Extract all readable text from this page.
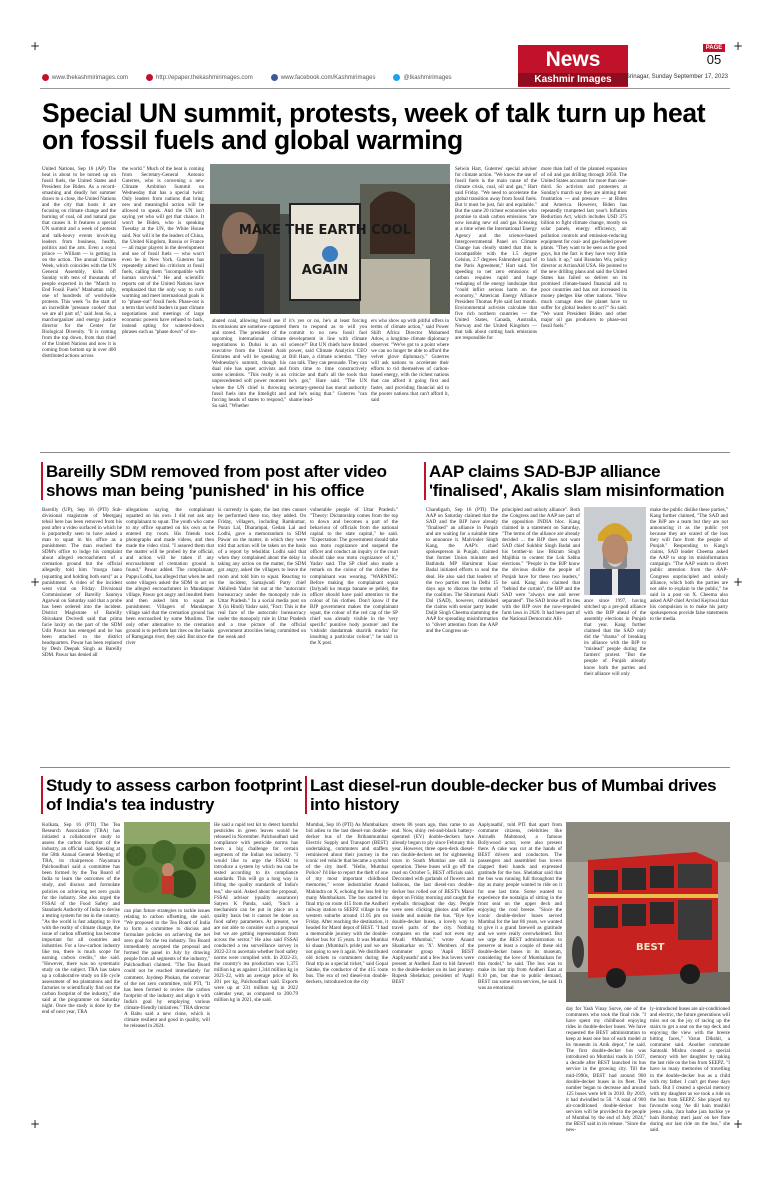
+	+
+	+
+	+
News
Kashmir Images
PAGE
05
www.thekashmirimages.com	http://epaper.thekashmirimages.com	www.facebook.com/Kashmirimages	@Ikashmirimages	Srinagar, Sunday September 17, 2023
Special UN summit, protests, week of talk turn up heat on fossil fuels and global warming
United Nations, Sep 16 (AP) The heat is about to be turned up on fossil fuels, the United States and President Joe Biden. As a record-smashing and deadly hot summer draws to a close, the United Nations and the city that hosts it are focusing on climate change and the burning of coal, oil and natural gas that causes it. It features a special UN summit and a week of protests and talk-heavy events involving leaders from business, health, politics and the arts. Even a royal prince — William — is getting in on the action. The annual Climate Week, which coincides with the UN General Assembly, kicks off Sunday with tens of thousands of people expected in the "March to End Fossil Fuels" Manhattan rally, one of hundreds of worldwide protests. This week "is the start of an incredible 'pressure cooker' that we are all part of," said Jean Su, a marchorganizer and energy justice director for the Center for Biological Diversity. "It is coming from the top down, from that chief of the United Nations and now it is coming from bottom up in over 400 distributed actions across
the world." Much of the heat is coming from Secretary-General Antonio Guterres, who is convening a new Climate Ambition Summit on Wednesday that has a special twist: Only leaders from nations that bring new and meaningful action will be allowed to speak. And the UN isn't saying yet who will get that chance. It won't be Biden, who is speaking Tuesday at the UN, the White House said. Nor will it be the leaders of China, the United Kingdom, Russia or France — all major players in the development and use of fossil fuels — who won't even be in New York. Guterres has repeatedly aimed his criticism at fossil fuels, calling them "incompatible with human survival." He and scientific reports out of the United Nations have emphasized that the only way to curb warming and meet international goals is to "phase-out" fossil fuels. Phase-out is a term that world leaders in past climate negotiations and meetings of large economic powers have refused to back, instead opting for watered-down phrases such as "phase down" of un-
abated coal, allowing fossil use if its emissions are somehow captured and stored. The president of the upcoming international climate negotiations in Dubai is an oil executive from the United Arab Emirates and will be speaking at Wednesday's summit, though his dual role has upset activists and some scientists. "This really is an unprecedented soft power moment where the UN chief is throwing fossil fuels into the limelight and forcing heads of states to respond," Su said. "Whether
it's yes or no, he's at least forcing them to respond as to will you commit to no new fossil fuel development in line with climate science?" But UN chiefs have limited power, said Climate Analytics CEO Bill Hare, a climate scientist. "They can talk. They can persuade. They can from time to time constructively criticize and that's all the tools that he's got," Hare said. "The UN secretary-general has moral authority and he's using that." Guterres "can shame lead-
ers who show up with pitiful offers in terms of climate action," said Power Shift Africa Director Mohamed Adow, a longtime climate diplomacy observer. "We've got to a point where we can no longer be able to afford the velvet glove diplomacy." Guterres will ask nations to accelerate their efforts to rid themselves of carbon-based energy, with the richest nations that can afford it going first and faster, and providing financial aid to the poorer nations that can't afford it, said
Selwin Hart, Guterres' special adviser for climate action. "We know the use of fossil fuels is the main cause of the climate crisis, coal, oil and gas," Hart said Friday. "We need to accelerate the global transition away from fossil fuels. But it must be just, fair and equitable." But the same 20 richest economies who promise to slash carbon emissions "are now issuing new oil and gas licensing at a time when the International Energy Agency and the science-based Intergovernmental Panel on Climate Change has clearly stated that this is incompatible with the 1.5 degree Celsius, 2.7 degrees Fahrenheit goal of the Paris Agreement," Hart said. Yet speeding to net zero emissions of carbon requires rapid and huge reshaping of the energy landscape that "could inflict serious harm on the economy," American Energy Alliance President Thomas Pyle said last month. Environmental activists calculate that five rich northern countries — the United States, Canada, Australia, Norway and the United Kingdom — that talk about cutting back emissions are responsible for
more than half of the planned expansion of oil and gas drilling through 2050. The United States accounts for more than one-third. So activists and protesters at Sunday's march say they are aiming their frustration — and pressure — at Biden and America. However, Biden has repeatedly trumpeted last year's Inflation Reduction Act, which includes USD 375 billion to fight climate change, mostly on solar panels, energy efficiency, air pollution controls and emission-reducing equipment for coal- and gas-fueled power plants. "They want to be seen as the good guys, but the fact is they have very little to back it up," said Brandon Wu, policy director at ActionAid USA. He pointed to the new drilling plans and said the United States has failed so deliver on its promised climate-based financial aid to poor countries and has not increased its money pledges like other nations. "How much carnage does the planet have to suffer for global leaders to act?" Su said. "We want President Biden and other major oil gas producers to phase-out fossil fuels."
MAKE THE EARTH COOL
AGAIN
Bareilly SDM removed from post after video shows man being 'punished' in his office
Bareilly (UP), Sep 16 (PTI) Sub-divisional magistrate of Meerganj tehsil here has been removed from his post after a video surfaced in which he is purportedly seen to have asked a man to squat in his office as a punishment. The man reached the SDM's office to lodge his complaint about alleged encroachment of a cremation ground but the official allegedly told him "murga bano (squatting and holding both ears)" as a punishment. A video of the incident went viral on Friday. Divisional Commissioner of Bareilly Saumya Agarwal on Saturday said that a probe has been ordered into the incident. District Magistrate of Bareilly Shivakant Dwivedi said that prima facie laxity on the part of the SDM Udit Pawar has emerged and he has been attached to the district headquarters. Pawar has been replaced by Desh Deepak Singh as Bareilly SDM. Pawar has denied all
allegations saying the complainant squatted on his own. I did not ask any complainant to squat. The youth who came to my office squatted on his own as he entered my room. His friends took photographs and made videos, and then made the video viral. "I assured them that the matter will be probed by the official, and action will be taken if any encroachment of cremation ground is found," Pawar added. The complainant, Pappu Lodhi, has alleged that when he and some villagers asked the SDM to act on the alleged encroachment in Mandanpur village, Pawar got angry and insulted them and then asked him to squat as punishment. Villagers of Mandanpur village said that the cremation ground has been encroached by some Muslims. The only other alternative to the cremation ground is to perform last rites on the banks of Ramganga river, they said. But since the river
is currently in spate, the last rites cannot be performed there too, they added. On Friday, villagers, including Ramkumar, Puran Lal, Dharampal, Gedan Lal and Lodhi, gave a memorandum to SDM Pawar on the matter, in which they were told that action will be taken on the basis of a report by tehsildar. Lodhi said that when they complained about the delay in taking any action on the matter, the SDM got angry, asked the villagers to leave the room and told him to squat. Reacting to the incident, Samajwadi Party chief Akhilesh Yadav hit out at the "autocratic bureaucracy under the monopoly rule in Uttar Pradesh." In a social media post on X (in Hindi) Yadav said, "Fact: This is the real face of the autocratic bureaucracy under the monopoly rule in Uttar Pradesh and a true picture of the official government atrocities being committed on the weak and
vulnerable people of Uttar Pradesh." "Theory: Dictatorship comes from the top to down and becomes a part of the behaviour of officials from the national capital to the state capital," he said. "Expectation: The government should take suo motu cognizance and suspend the officer and conduct an inquiry or the court should take suo motu cognizance of it," Yadav said. The SP chief also made a remark on the colour of the clothes the complainant was wearing. "WARNING: Before making the complainant squat (far)yadi ko murga banane se pehle), the officer should have paid attention to the colour of his clothes. Don't know if the BJP government makes the complainant squat, the colour of the red cap of the SP chief was already visible in the 'very specific' punitive body posture' and the 'vishisht dandatmak sharirik mudra' for insulting a particular colour'," he said in the X post.
AAP claims SAD-BJP alliance 'finalised', Akalis slam misinformation
Chandigarh, Sep 16 (PTI) The AAP on Saturday claimed that the SAD and the BJP have already "finalised" an alliance in Punjab and are waiting for a suitable time to announce it. Malvinder Singh Kang, the AAP's chief spokesperson in Punjab, claimed that former Union minister and Bathinda MP Harsimrat Kaur Badal initiated efforts to seal the deal. He also said that leaders of the two parties met in Delhi 15 days ago to discuss the terms of the coalition. The Shiromani Akali Dal (SAD), however, rubbished the claims with senior party leader Daljit Singh Cheema slamming the AAP for spreading misinformation to "divert attention from the AAP and the Congress un-
principled and unholy alliance". Both the Congress and the AAP are part of the opposition INDIA bloc. Kang claimed in a statement on Saturday, "The terms of the alliance are already decided ... the BJP does not want SAD chief Sukhbir Singh Badal and his brother-in law Bikram Singh Majithia to contest the Lok Sabha elections." "People in the BJP know the obvious dislike the people of Punjab have for these two leaders," he said. Kang also claimed that "behind the curtain", the BJP and the SAD were "always one and never separated". The SAD broke off its ties with the BJP over the now-repealed farm laws in 2020. It had been part of the National Democratic Alli-
ance since 1997, having stitched up a pre-poll alliance with the BJP ahead of the assembly elections in Punjab that year. Kang further claimed that the SAD only did the "drama" of breaking its alliance with the BJP to "mislead" people during the farmers' protest. "But the people of Punjab already know both the parties and their alliance will only
make the public dislike these parties," Kang further claimed, "The SAD and the BJP are a team but they are not announcing it as the public yet because they are scared of the loss they will face from the people of Punjab." Responding to Kang's claims, SAD leader Cheema asked the AAP to stop its misinformation campaign. "The AAP wants to divert public attention from the AAP-Congress unprincipled and unholy alliance, which both the parties are not able to explain to the public," he said in a post on X. Cheema also asked AAP chief Arvind Kejriwal that his compulsion is to make his party spokesperson provide false statements to the media.
Study to assess carbon footprint of India's tea industry
Kolkata, Sep 16 (PTI) The Tea Research Association (TRA) has initiated a collaborative study to assess the carbon footprint of the industry, an official said. Speaking at the 58th Annual General Meeting of TRA, its chairperson Nayantara Palchoudhuri said a committee has been formed by the Tea Board of India to learn the outcomes of the study, and discuss and formulate policies on achieving net zero goals for the industry. She also urged the FSSAI of the Food Safety and Standards Authority of India to devise a testing system for tea in the country. "As the world is fast adapting to live with the reality of climate change, the issue of carbon offsetting has become important for all countries and industries. For a low-carbon industry like tea, there is much scope for earning carbon credits," she said. "However, there was no systematic study on the subject. TRA has taken up a collaborative study on life cycle assessment of tea plantations and the factories to scientifically find out the carbon footprint of the industry," she said at the programme on Saturday night. Once the study is done by the end of next year, TRA
can plan future strategies to tackle issues relating to carbon offsetting, she said. "We proposed to the Tea Board of India to form a committee to discuss and formulate policies on achieving the net zero goal for the tea industry. Tea Board immediately accepted the proposal and formed the panel in July by drawing people from all segments of the industry," Palchoudhuri claimed. "The Tea Board could not be reached immediately for comment. Joydeep Phukan, the convenor of the net zero committee, told PTI, "It has been formed to review the carbon footprint of the industry and align it with India's goal by employing various climate-friendly initiatives." TRA director A Babu said a new clone, which is climate resilient and good in quality, will be released in 2024.
He said a rapid test kit to detect harmful pesticides in green leaves would be released in November. Palchoudhuri said compliance with pesticide norms has been a big challenge for certain segments of the Indian tea industry. "I would like to urge the FSSAI to introduce a system by which tea can be tested according to its compliance standards. This will go a long way in lifting the quality standards of India's tea," she said. Asked about the proposal, FSSAI advisor (quality assurance) Satyen K Panda, said, "Such a mechanism can be put in place on a quality basis but it cannot be done on food safety parameters. At present, we are not able to consider such a proposal but we are getting representation from across the sector." He also said FSSAI conducted a tea surveillance survey in 2022-23 to ascertain whether food safety norms were complied with. In 2022-23, the country's tea production was 1,375 million kg as against 1,344 million kg in 2021-22, with an average price of Rs 201 per kg, Palchoudhuri said. Exports were up at 231 million kg in 2022 calendar year, as compared to 200.79 million kg in 2021, she said.
Last diesel-run double-decker bus of Mumbai drives into history
Mumbai, Sep 16 (PTI) As Mumbaikars bid adieu to the last diesel-run double-decker bus of the Brihanmumbai Electric Supply and Transport (BEST) undertaking, commuters and staffers reminisced about their journey in the iconic red vehicle that became a symbol of the city itself. "Hello, Mumbai Police? I'd like to report the theft of one of my most important childhood memories," wrote industrialist Anand Mahindra on X, echoing the loss felt by many Mumbaikars. The bus started its final trip on route 415 from the Andheri railway station to SEEPZ village in the western suburbs around 11.05 pm on Friday. After reaching the destination, it headed for Marol depot of BEST. "I had a memorable journey with the double-decker bus for 15 years. It was Mumbai ki shaan (Mumbai's pride) and we are not going to see it again. We distributed old tickets to commuters during the final trip as a special ticket," said Gopal Satake, the conductor of the 415 route bus. The era of red diesel-run double-deckers, introduced on the city
streets 86 years ago, thus came to an end. Now, shiny red-and-black battery-operated (EV) double-deckers have already begun to ply since February this year. However, three open-deck diesel-run double-deckers set for sightseeing tours in South Mumbai are still in operation. These buses will go off the road on October 5, BEST officials said. Decorated with garlands of flowers and balloons, the last diesel-run double-decker bus rolled out of BEST's Marol depot on Friday morning and caught the eyeballs throughout the day. People were seen clicking photos and selfies inside and outside the bus. "Bye bye double-decker buses, a lovely way to travel parts of the city. Nothing compares on the road not even my #Audi #Mumbai," wrote Anand Shankarkar on 'X'. Members of the commuter group 'Aapli BEST Aapliyasathi' and a few bus lovers were present at Andheri East to bid farewell to the double-decker on its last journey. Rupesh Shelatkar, president of 'Aapli BEST
Aaplyasathi', told PTI that apart from commuter citizens, celebrities like Anirudh Mahmood, a famous Bollywood actor, were also present there. A cake was cut at the hands of BEST drivers and conductors. The passengers and assembled bus lovers clapped their hands and expressed gratitude for the bus. Shelatkar said that the bus was running full throughout the day as many people wanted to ride on it for one last time. Some wanted to experience the nostalgia of sitting in the front seat on the upper deck and enjoying the cool breeze. "Since the iconic double-decker buses served Mumbai for the last 86 years, we wanted to give it a grand farewell as gratitude and we were really overwhelmed. But we urge the BEST administration to preserve at least a couple of these old double-decker buses in its museum, considering the love of Mumbaikars for this model," he said. The bus was to make its last trip from Andheri East at 8.10 pm, but due to public demand, BEST ran some extra services, he said. It was an emotional
day for Yash Vinay Surve, one of the commuters who took the final ride. "I have spent my childhood enjoying rides in double-decker buses. We have requested the BEST administration to keep at least one bus of each model at its museum in Anik depot," he said. The first double-decker bus was introduced on Mumbai roads in 1937, a decade after BEST launched its bus service in the growing city. Till the mid-1990s, BEST had around 900 double-decker buses in its fleet. The number began to decrease and around 125 buses were left in 2010. By 2019, it had dwindled to 50. "A total of 900 air-conditioned double-decker bus services will be provided to the people of Mumbai by the end of July 2024," the BEST said in its release. "Since the new-
ly-introduced buses are air-conditioned and electric, the future generations will miss out on the joy of racing up the stairs to get a seat on the top deck and enjoying the view with the breeze hitting faces," Varun Dikshit, a commuter said. Another commuter Santoshi Mishra created a special memory with her daughter by taking the last ride on the bus from SEEPZ. "I have so many memories of travelling in the double-decker bus as a child with my father. I can't get those days back. But I created a special memory with my daughter as we took a ride on the bus from SEEPZ. She played my favourite song 'Ae dil hain mushkil jeena yaha, Jara hatke jara bachke ye hain Bombay meri jaan' on her flute during our last ride on the bus," she said.
BEST
